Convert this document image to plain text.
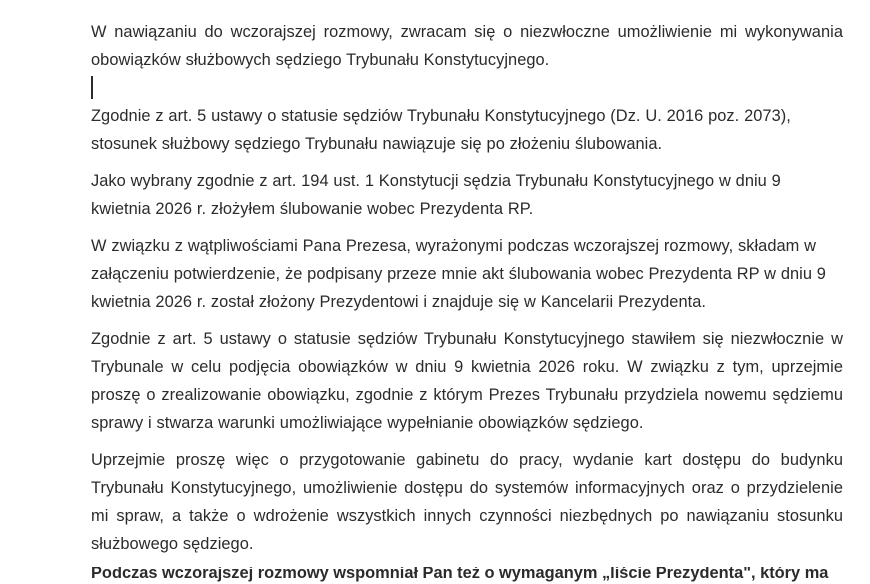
W nawiązaniu do wczorajszej rozmowy, zwracam się o niezwłoczne umożliwienie mi wykonywania obowiązków służbowych sędziego Trybunału Konstytucyjnego.

Zgodnie z art. 5 ustawy o statusie sędziów Trybunału Konstytucyjnego (Dz. U. 2016 poz. 2073), stosunek służbowy sędziego Trybunału nawiązuje się po złożeniu ślubowania.

Jako wybrany zgodnie z art. 194 ust. 1 Konstytucji sędzia Trybunału Konstytucyjnego w dniu 9 kwietnia 2026 r. złożyłem ślubowanie wobec Prezydenta RP.

W związku z wątpliwościami Pana Prezesa, wyrażonymi podczas wczorajszej rozmowy, składam w załączeniu potwierdzenie, że podpisany przeze mnie akt ślubowania wobec Prezydenta RP w dniu 9 kwietnia 2026 r. został złożony Prezydentowi i znajduje się w Kancelarii Prezydenta.

Zgodnie z art. 5 ustawy o statusie sędziów Trybunału Konstytucyjnego stawiłem się niezwłocznie w Trybunale w celu podjęcia obowiązków w dniu 9 kwietnia 2026 roku. W związku z tym, uprzejmie proszę o zrealizowanie obowiązku, zgodnie z którym Prezes Trybunału przydziela nowemu sędziemu sprawy i stwarza warunki umożliwiające wypełnianie obowiązków sędziego.

Uprzejmie proszę więc o przygotowanie gabinetu do pracy, wydanie kart dostępu do budynku Trybunału Konstytucyjnego, umożliwienie dostępu do systemów informacyjnych oraz o przydzielenie mi spraw, a także o wdrożenie wszystkich innych czynności niezbędnych po nawiązaniu stosunku służbowego sędziego.

Podczas wczorajszej rozmowy wspomniał Pan też o wymaganym „liście Prezydenta", który ma
